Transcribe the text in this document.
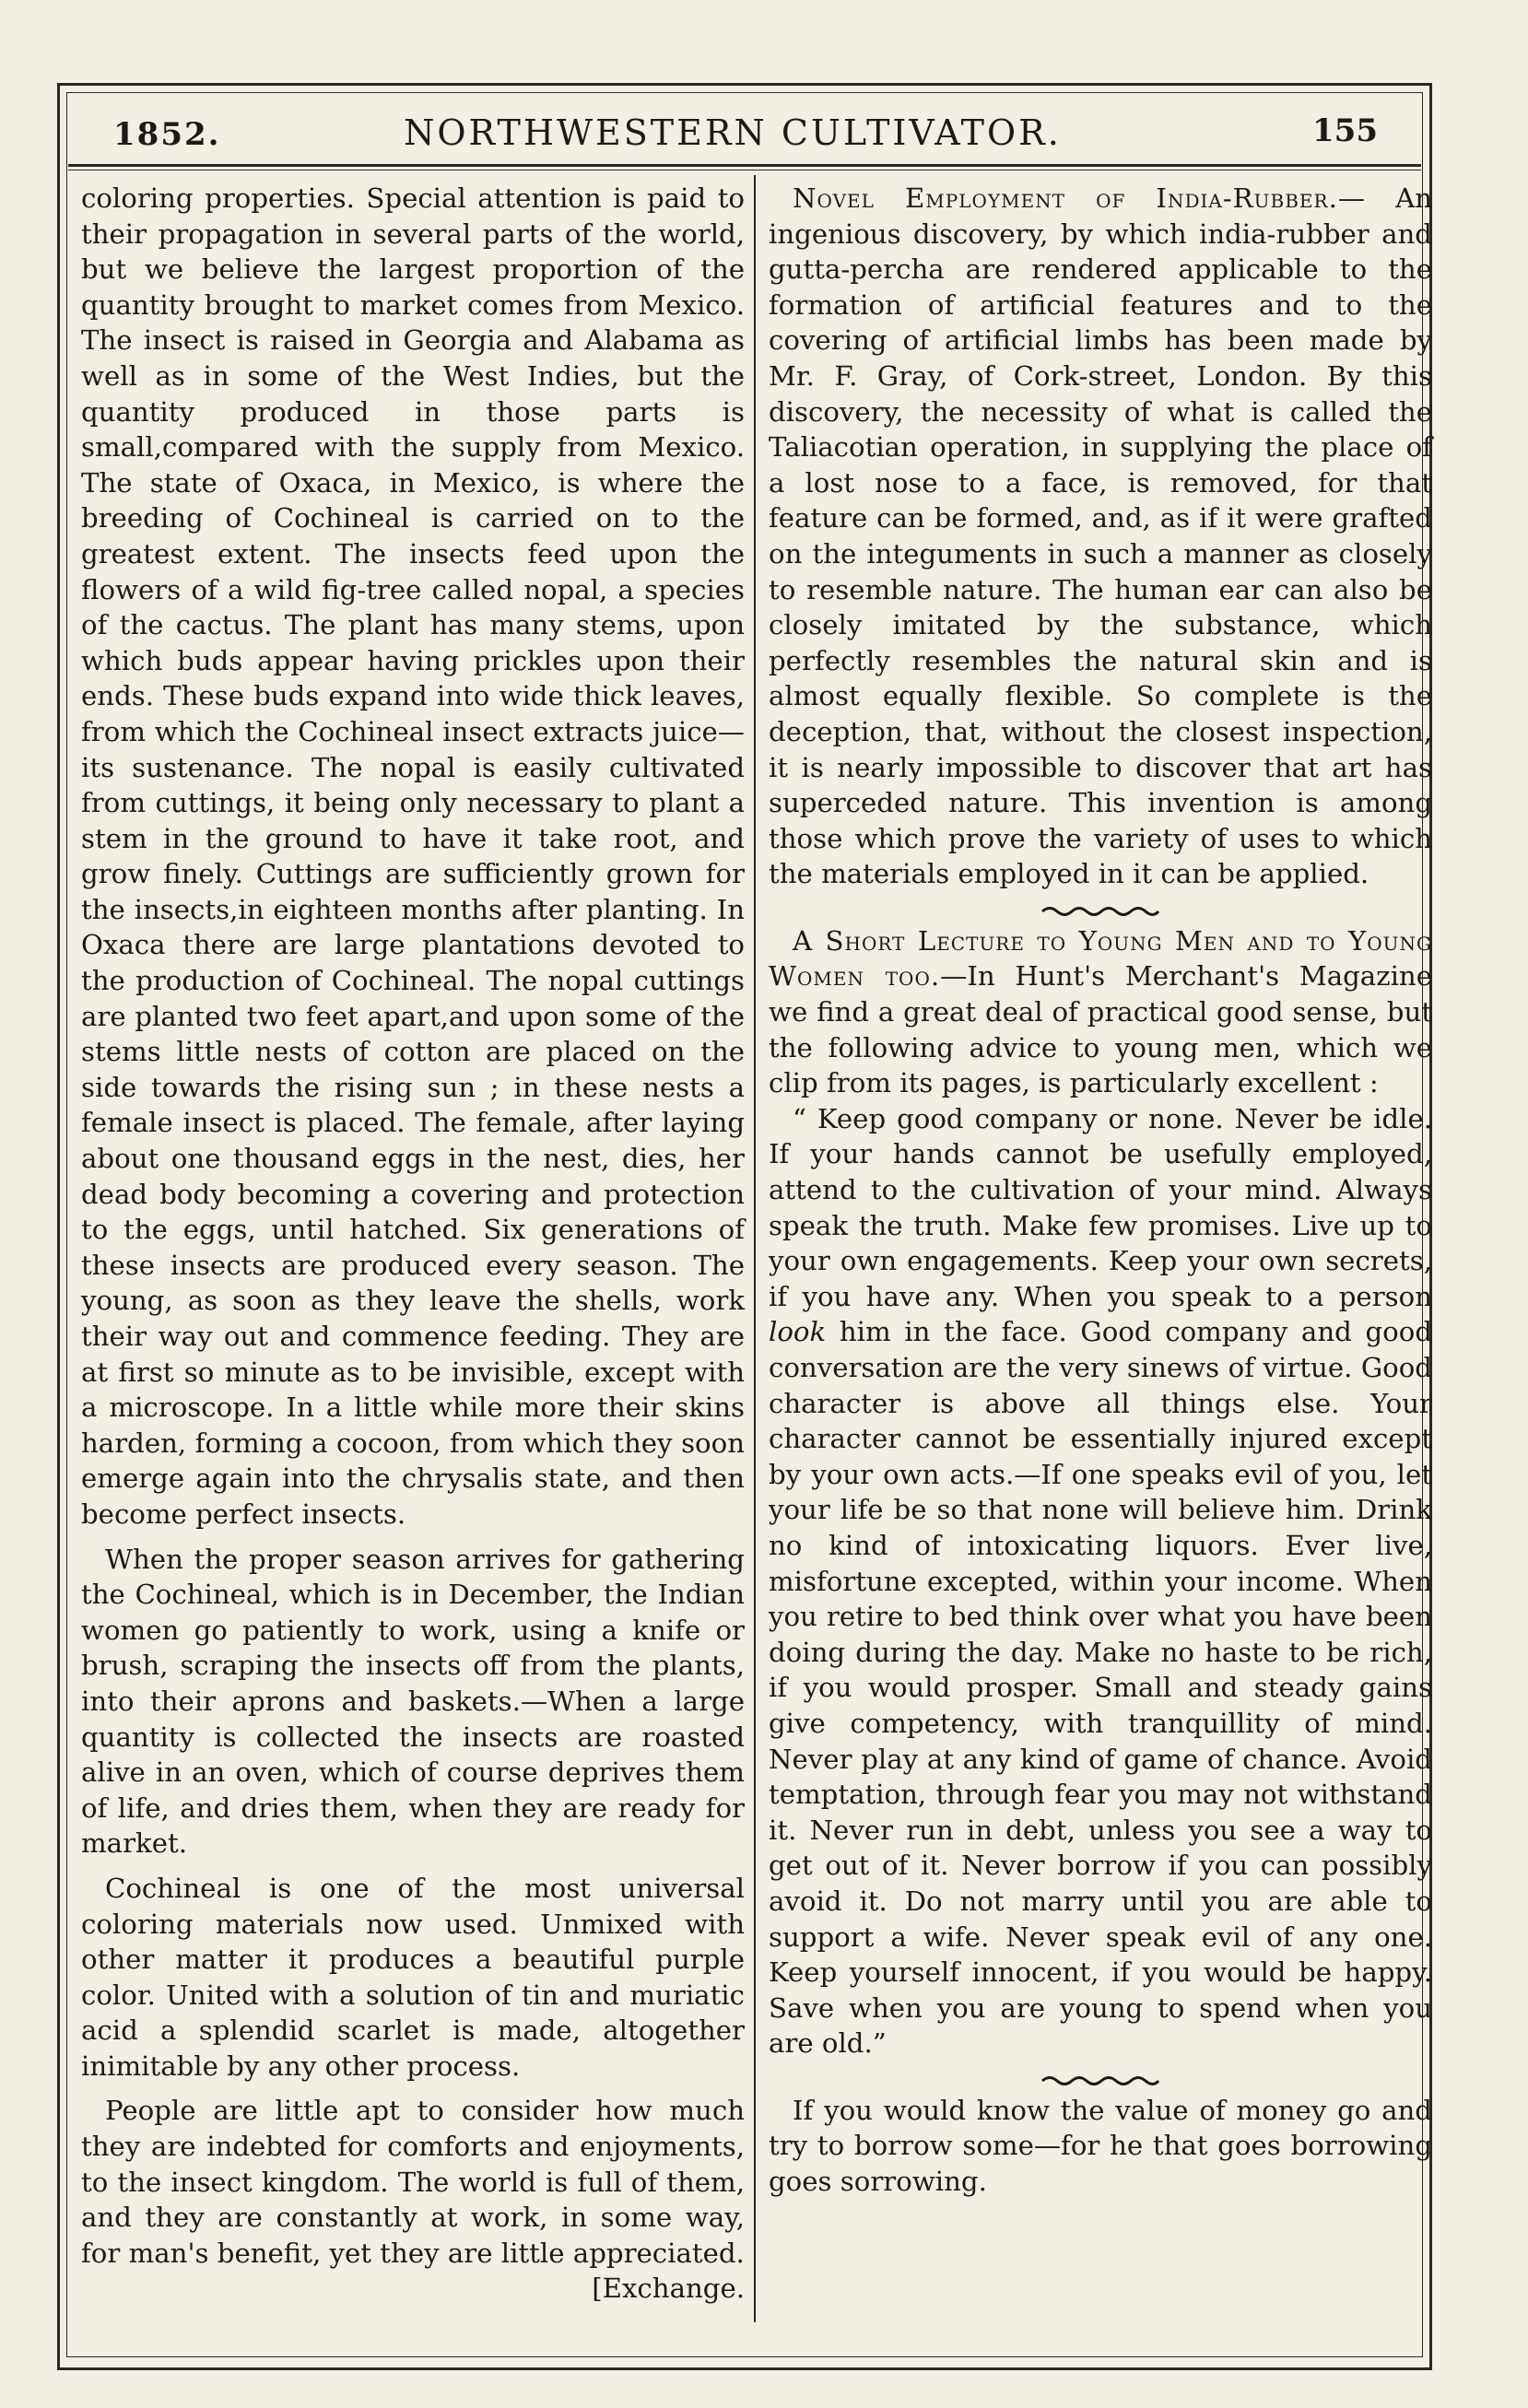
1852.	NORTHWESTERN CULTIVATOR.	155

coloring properties. Special attention is paid to their propagation in several parts of the world, but we believe the largest proportion of the quantity brought to market comes from Mexico. The insect is raised in Georgia and Alabama as well as in some of the West Indies, but the quantity produced in those parts is small,compared with the supply from Mexico. The state of Oxaca, in Mexico, is where the breeding of Cochineal is carried on to the greatest extent. The insects feed upon the flowers of a wild fig-tree called nopal, a species of the cactus. The plant has many stems, upon which buds appear having prickles upon their ends. These buds expand into wide thick leaves, from which the Cochineal insect extracts juice—its sustenance. The nopal is easily cultivated from cuttings, it being only necessary to plant a stem in the ground to have it take root, and grow finely. Cuttings are sufficiently grown for the insects,in eighteen months after planting. In Oxaca there are large plantations devoted to the production of Cochineal. The nopal cuttings are planted two feet apart,and upon some of the stems little nests of cotton are placed on the side towards the rising sun ; in these nests a female insect is placed. The female, after laying about one thousand eggs in the nest, dies, her dead body becoming a covering and protection to the eggs, until hatched. Six generations of these insects are produced every season. The young, as soon as they leave the shells, work their way out and commence feeding. They are at first so minute as to be invisible, except with a microscope. In a little while more their skins harden, forming a cocoon, from which they soon emerge again into the chrysalis state, and then become perfect insects.

When the proper season arrives for gathering the Cochineal, which is in December, the Indian women go patiently to work, using a knife or brush, scraping the insects off from the plants, into their aprons and baskets.—When a large quantity is collected the insects are roasted alive in an oven, which of course deprives them of life, and dries them, when they are ready for market.

Cochineal is one of the most universal coloring materials now used. Unmixed with other matter it produces a beautiful purple color. United with a solution of tin and muriatic acid a splendid scarlet is made, altogether inimitable by any other process.

People are little apt to consider how much they are indebted for comforts and enjoyments, to the insect kingdom. The world is full of them, and they are constantly at work, in some way, for man's benefit, yet they are little appreciated.

[Exchange.

Novel Employment of India-Rubber.— An ingenious discovery, by which india-rubber and gutta-percha are rendered applicable to the formation of artificial features and to the covering of artificial limbs has been made by Mr. F. Gray, of Cork-street, London. By this discovery, the necessity of what is called the Taliacotian operation, in supplying the place of a lost nose to a face, is removed, for that feature can be formed, and, as if it were grafted on the integuments in such a manner as closely to resemble nature. The human ear can also be closely imitated by the substance, which perfectly resembles the natural skin and is almost equally flexible. So complete is the deception, that, without the closest inspection, it is nearly impossible to discover that art has superceded nature. This invention is among those which prove the variety of uses to which the materials employed in it can be applied.

A Short Lecture to Young Men and to Young Women too.—In Hunt's Merchant's Magazine we find a great deal of practical good sense, but the following advice to young men, which we clip from its pages, is particularly excellent :

“ Keep good company or none. Never be idle. If your hands cannot be usefully employed, attend to the cultivation of your mind. Always speak the truth. Make few promises. Live up to your own engagements. Keep your own secrets, if you have any. When you speak to a person look him in the face. Good company and good conversation are the very sinews of virtue. Good character is above all things else. Your character cannot be essentially injured except by your own acts.—If one speaks evil of you, let your life be so that none will believe him. Drink no kind of intoxicating liquors. Ever live, misfortune excepted, within your income. When you retire to bed think over what you have been doing during the day. Make no haste to be rich, if you would prosper. Small and steady gains give competency, with tranquillity of mind. Never play at any kind of game of chance. Avoid temptation, through fear you may not withstand it. Never run in debt, unless you see a way to get out of it. Never borrow if you can possibly avoid it. Do not marry until you are able to support a wife. Never speak evil of any one. Keep yourself innocent, if you would be happy. Save when you are young to spend when you are old.”

If you would know the value of money go and try to borrow some—for he that goes borrowing goes sorrowing.
